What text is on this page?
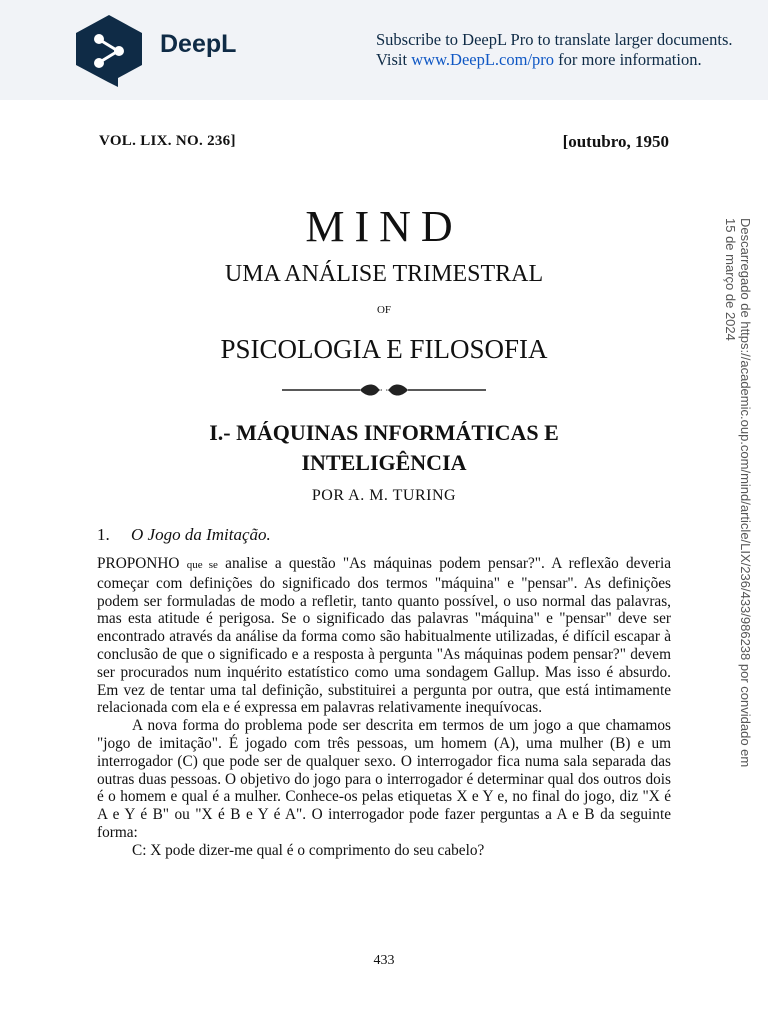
DeepL	Subscribe to DeepL Pro to translate larger documents.
Visit www.DeepL.com/pro for more information.
VOL. LIX. NO. 236]	[outubro, 1950
MIND
UMA ANÁLISE TRIMESTRAL
OF
PSICOLOGIA E FILOSOFIA
I.- MÁQUINAS INFORMÁTICAS E INTELIGÊNCIA
POR A. M. TURING
1. O Jogo da Imitação.

PROPONHO que se analise a questão "As máquinas podem pensar?". A reflexão deveria começar com definições do significado dos termos "máquina" e "pensar". As definições podem ser formuladas de modo a refletir, tanto quanto possível, o uso normal das palavras, mas esta atitude é perigosa. Se o significado das palavras "máquina" e "pensar" deve ser encontrado através da análise da forma como são habitualmente utilizadas, é difícil escapar à conclusão de que o significado e a resposta à pergunta "As máquinas podem pensar?" devem ser procurados num inquérito estatístico como uma sondagem Gallup. Mas isso é absurdo. Em vez de tentar uma tal definição, substituirei a pergunta por outra, que está intimamente relacionada com ela e é expressa em palavras relativamente inequívocas.

A nova forma do problema pode ser descrita em termos de um jogo a que chamamos "jogo de imitação". É jogado com três pessoas, um homem (A), uma mulher (B) e um interrogador (C) que pode ser de qualquer sexo. O interrogador fica numa sala separada das outras duas pessoas. O objetivo do jogo para o interrogador é determinar qual dos outros dois é o homem e qual é a mulher. Conhece-os pelas etiquetas X e Y e, no final do jogo, diz "X é A e Y é B" ou "X é B e Y é A". O interrogador pode fazer perguntas a A e B da seguinte forma:

C: X pode dizer-me qual é o comprimento do seu cabelo?

433
Descarregado de https://academic.oup.com/mind/article/LIX/236/433/986238 por convidado em 15 de março de 2024
